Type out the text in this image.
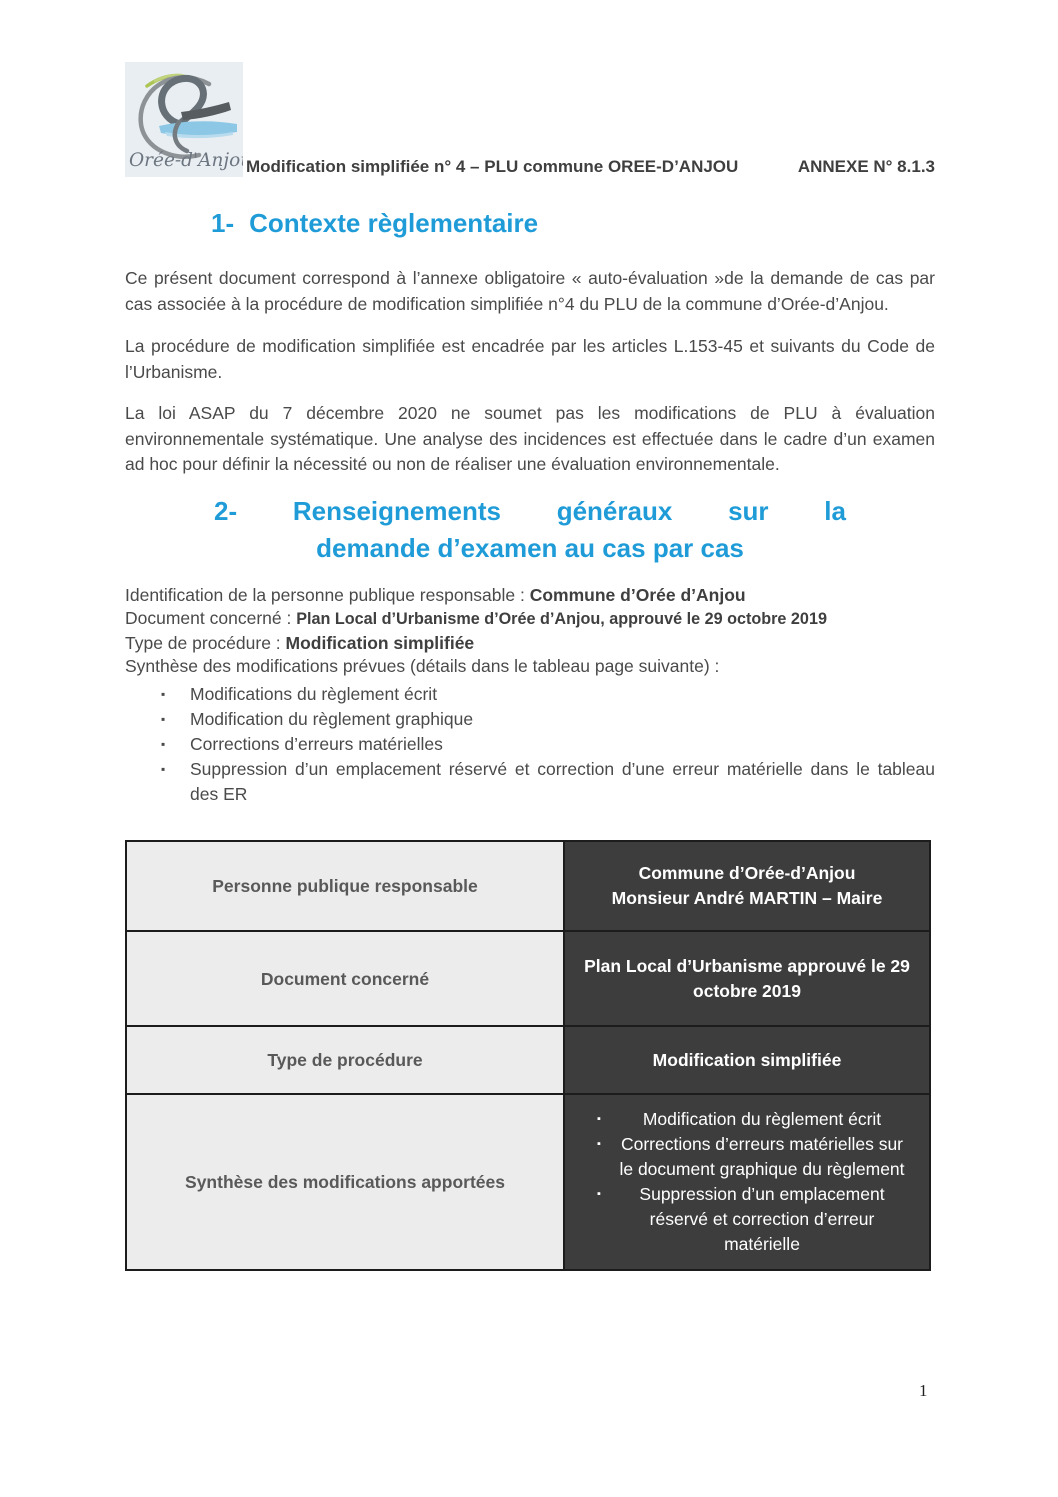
Orée-d'Anjou
Modification simplifiée n° 4 – PLU commune OREE-D’ANJOU	ANNEXE N° 8.1.3
1- Contexte règlementaire

Ce présent document correspond à l’annexe obligatoire « auto-évaluation »de la demande de cas par cas associée à la procédure de modification simplifiée n°4 du PLU de la commune d’Orée-d’Anjou.

La procédure de modification simplifiée est encadrée par les articles L.153-45 et suivants du Code de l’Urbanisme.

La loi ASAP du 7 décembre 2020 ne soumet pas les modifications de PLU à évaluation environnementale systématique. Une analyse des incidences est effectuée dans le cadre d’un examen ad hoc pour définir la nécessité ou non de réaliser une évaluation environnementale.

2- Renseignements généraux sur la
demande d’examen au cas par cas
Identification de la personne publique responsable : Commune d’Orée d’Anjou
Document concerné : Plan Local d’Urbanisme d’Orée d’Anjou, approuvé le 29 octobre 2019
Type de procédure : Modification simplifiée
Synthèse des modifications prévues (détails dans le tableau page suivante) :
▪ Modifications du règlement écrit
▪ Modification du règlement graphique
▪ Corrections d’erreurs matérielles
▪ Suppression d’un emplacement réservé et correction d’une erreur matérielle dans le tableau des ER
Personne publique responsable	Commune d’Orée-d’Anjou
Monsieur André MARTIN – Maire

Document concerné	Plan Local d’Urbanisme approuvé le 29 octobre 2019
Type de procédure	Modification simplifiée
Synthèse des modifications apportées	
▪ Modification du règlement écrit
▪ Corrections d’erreurs matérielles sur le document graphique du règlement
▪ Suppression d’un emplacement réservé et correction d’erreur matérielle
1
